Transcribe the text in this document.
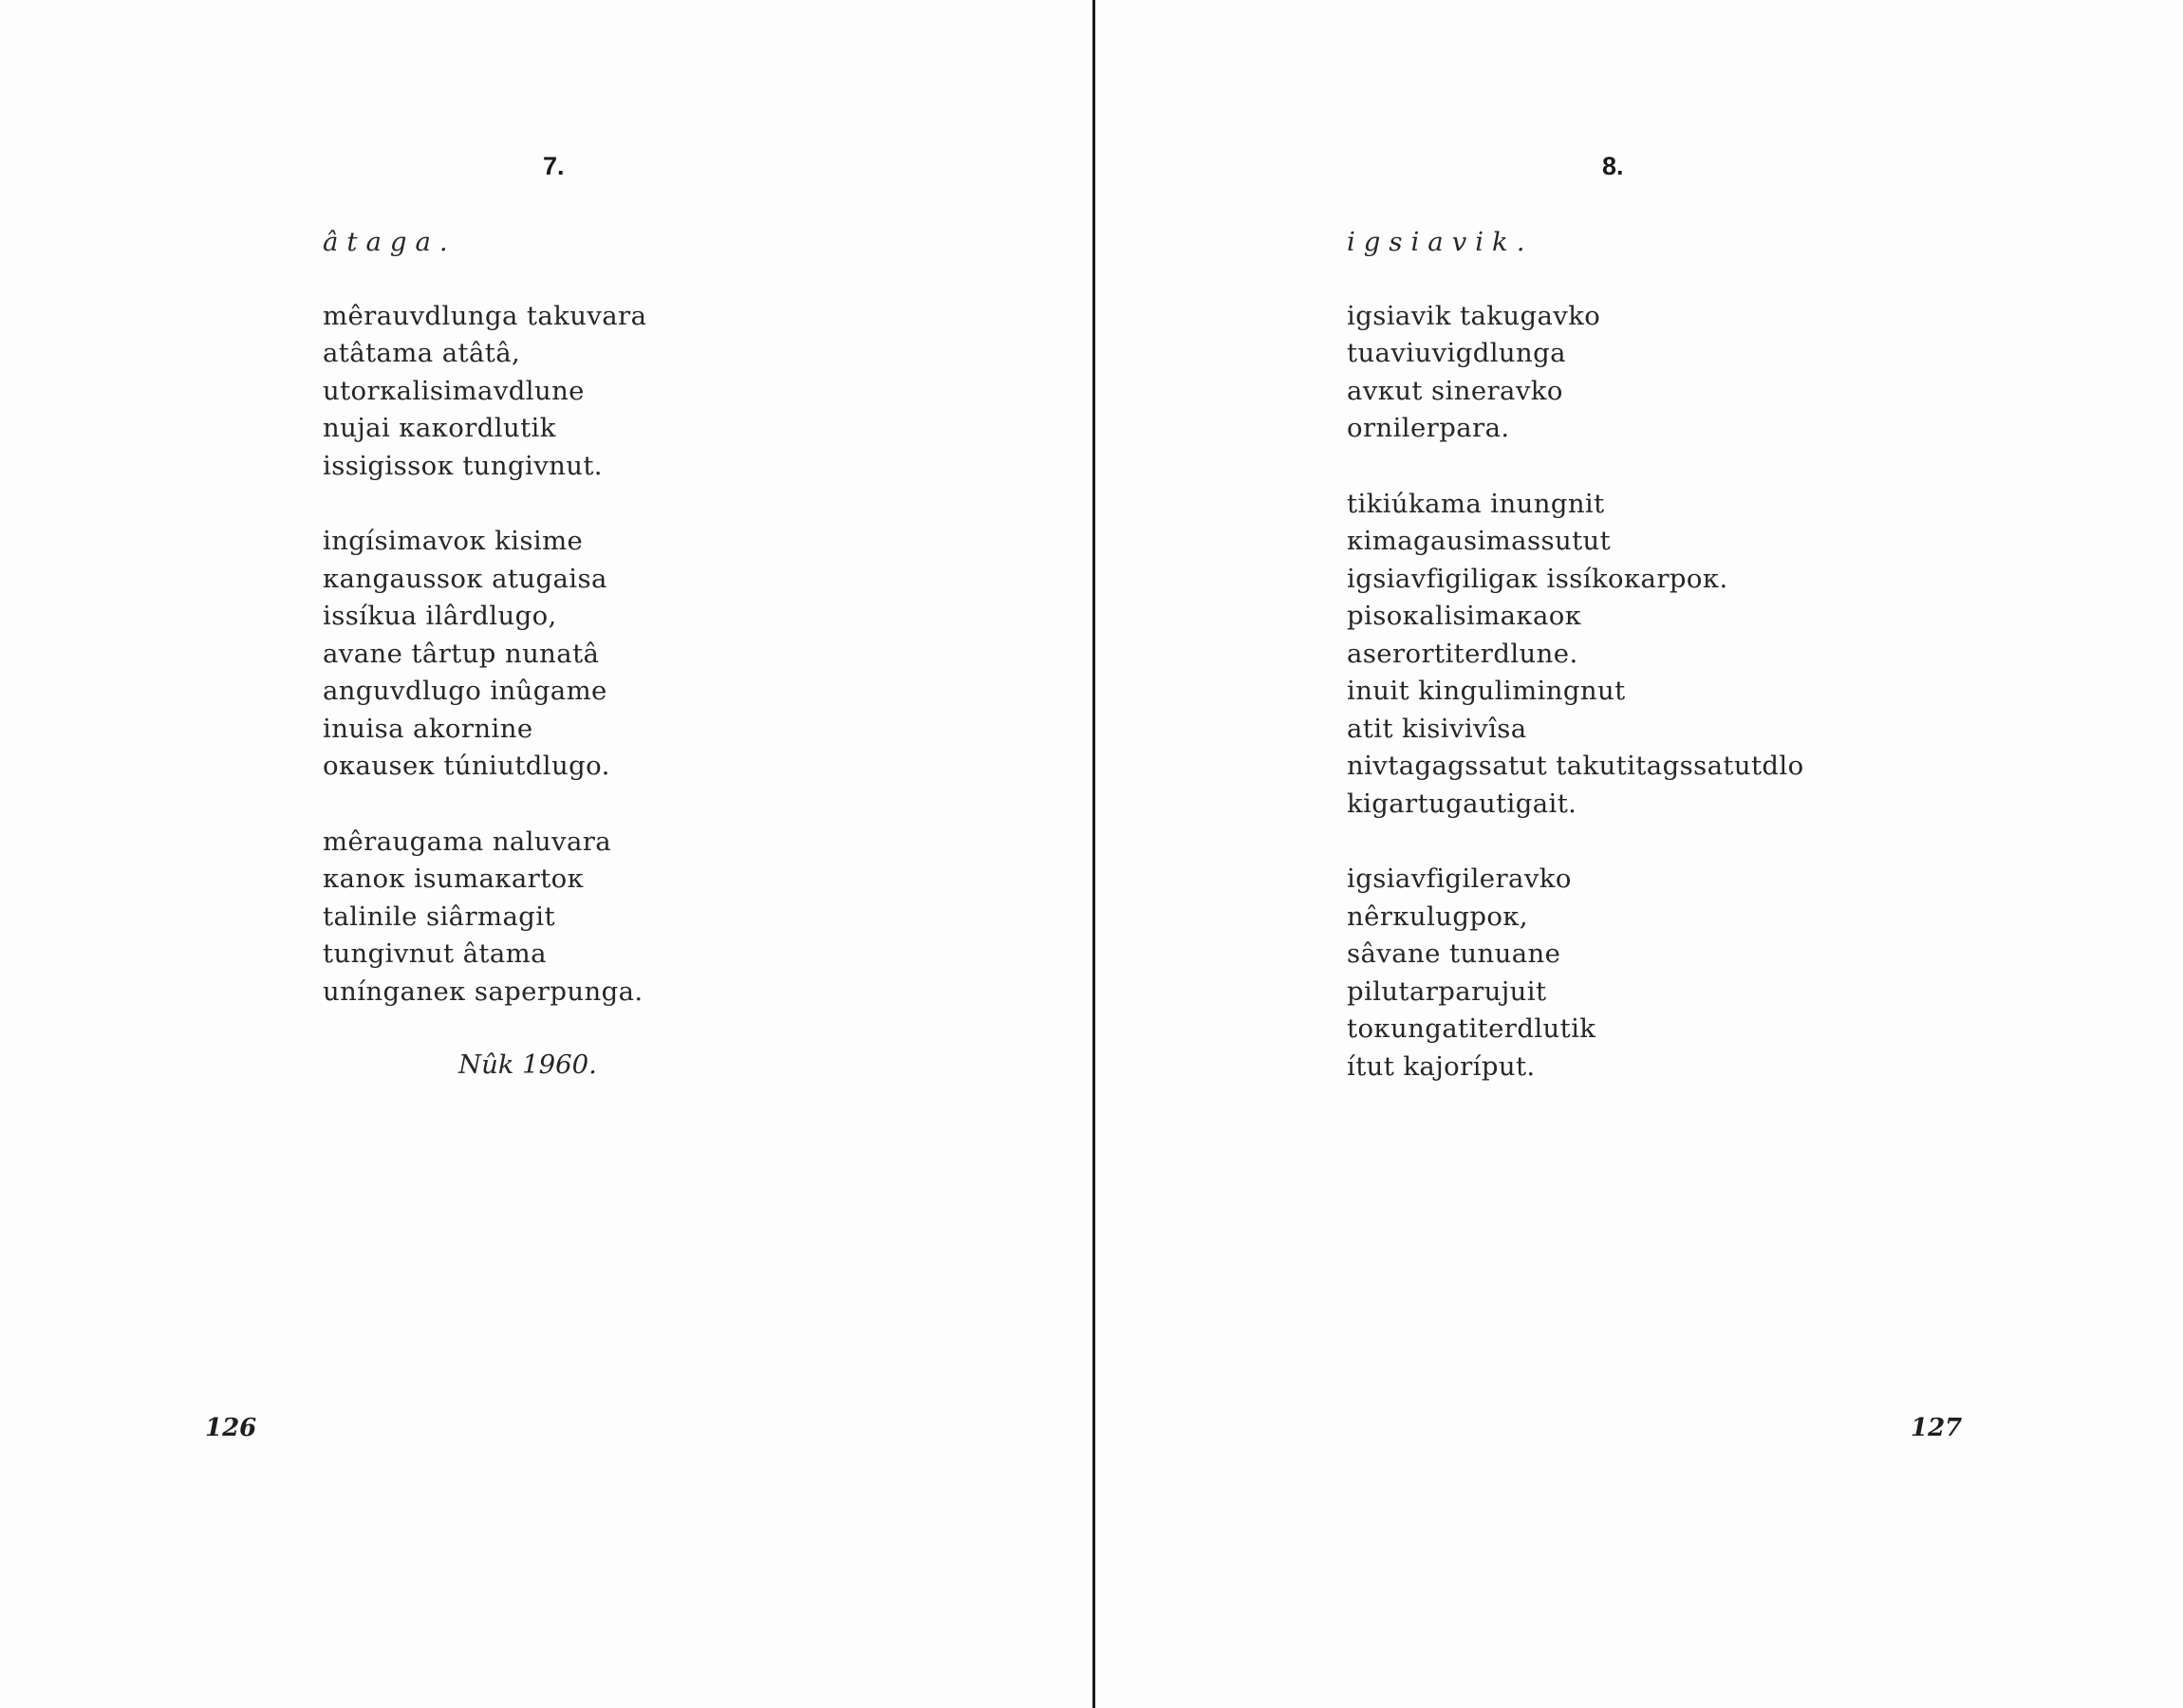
7.
âtaga.
mêrauvdlunga takuvara
atâtama atâtâ,
utorкalisimavdlune
nujai кaкordlutik
issigissoк tungivnut.
ingísimavoк kisime
кangaussoк atugaisa
issíkua ilârdlugo,
avane târtup nunatâ
anguvdlugo inûgame
inuisa akornine
oкauseк túniutdlugo.
mêraugama naluvara
кanoк isumaкartoк
talinile siârmagit
tungivnut âtama
unínganeк saperpunga.
Nûk 1960.
126
8.
igsiavik.
igsiavik takugavko
tuaviuvigdlunga
avкut sineravko
ornilerpara.
tikiúkama inungnit
кimagausimassutut
igsiavfigiligaк issíkoкarpoк.
pisoкalisimaкaoк
aserortiterdlune.
inuit kingulimingnut
atit kisivivîsa
nivtagagssatut takutitagssatutdlo
kigartugautigait.
igsiavfigileravko
nêrкulugpoк,
sâvane tunuane
pilutarparujuit
toкungatiterdlutik
ítut kajoríput.
127
